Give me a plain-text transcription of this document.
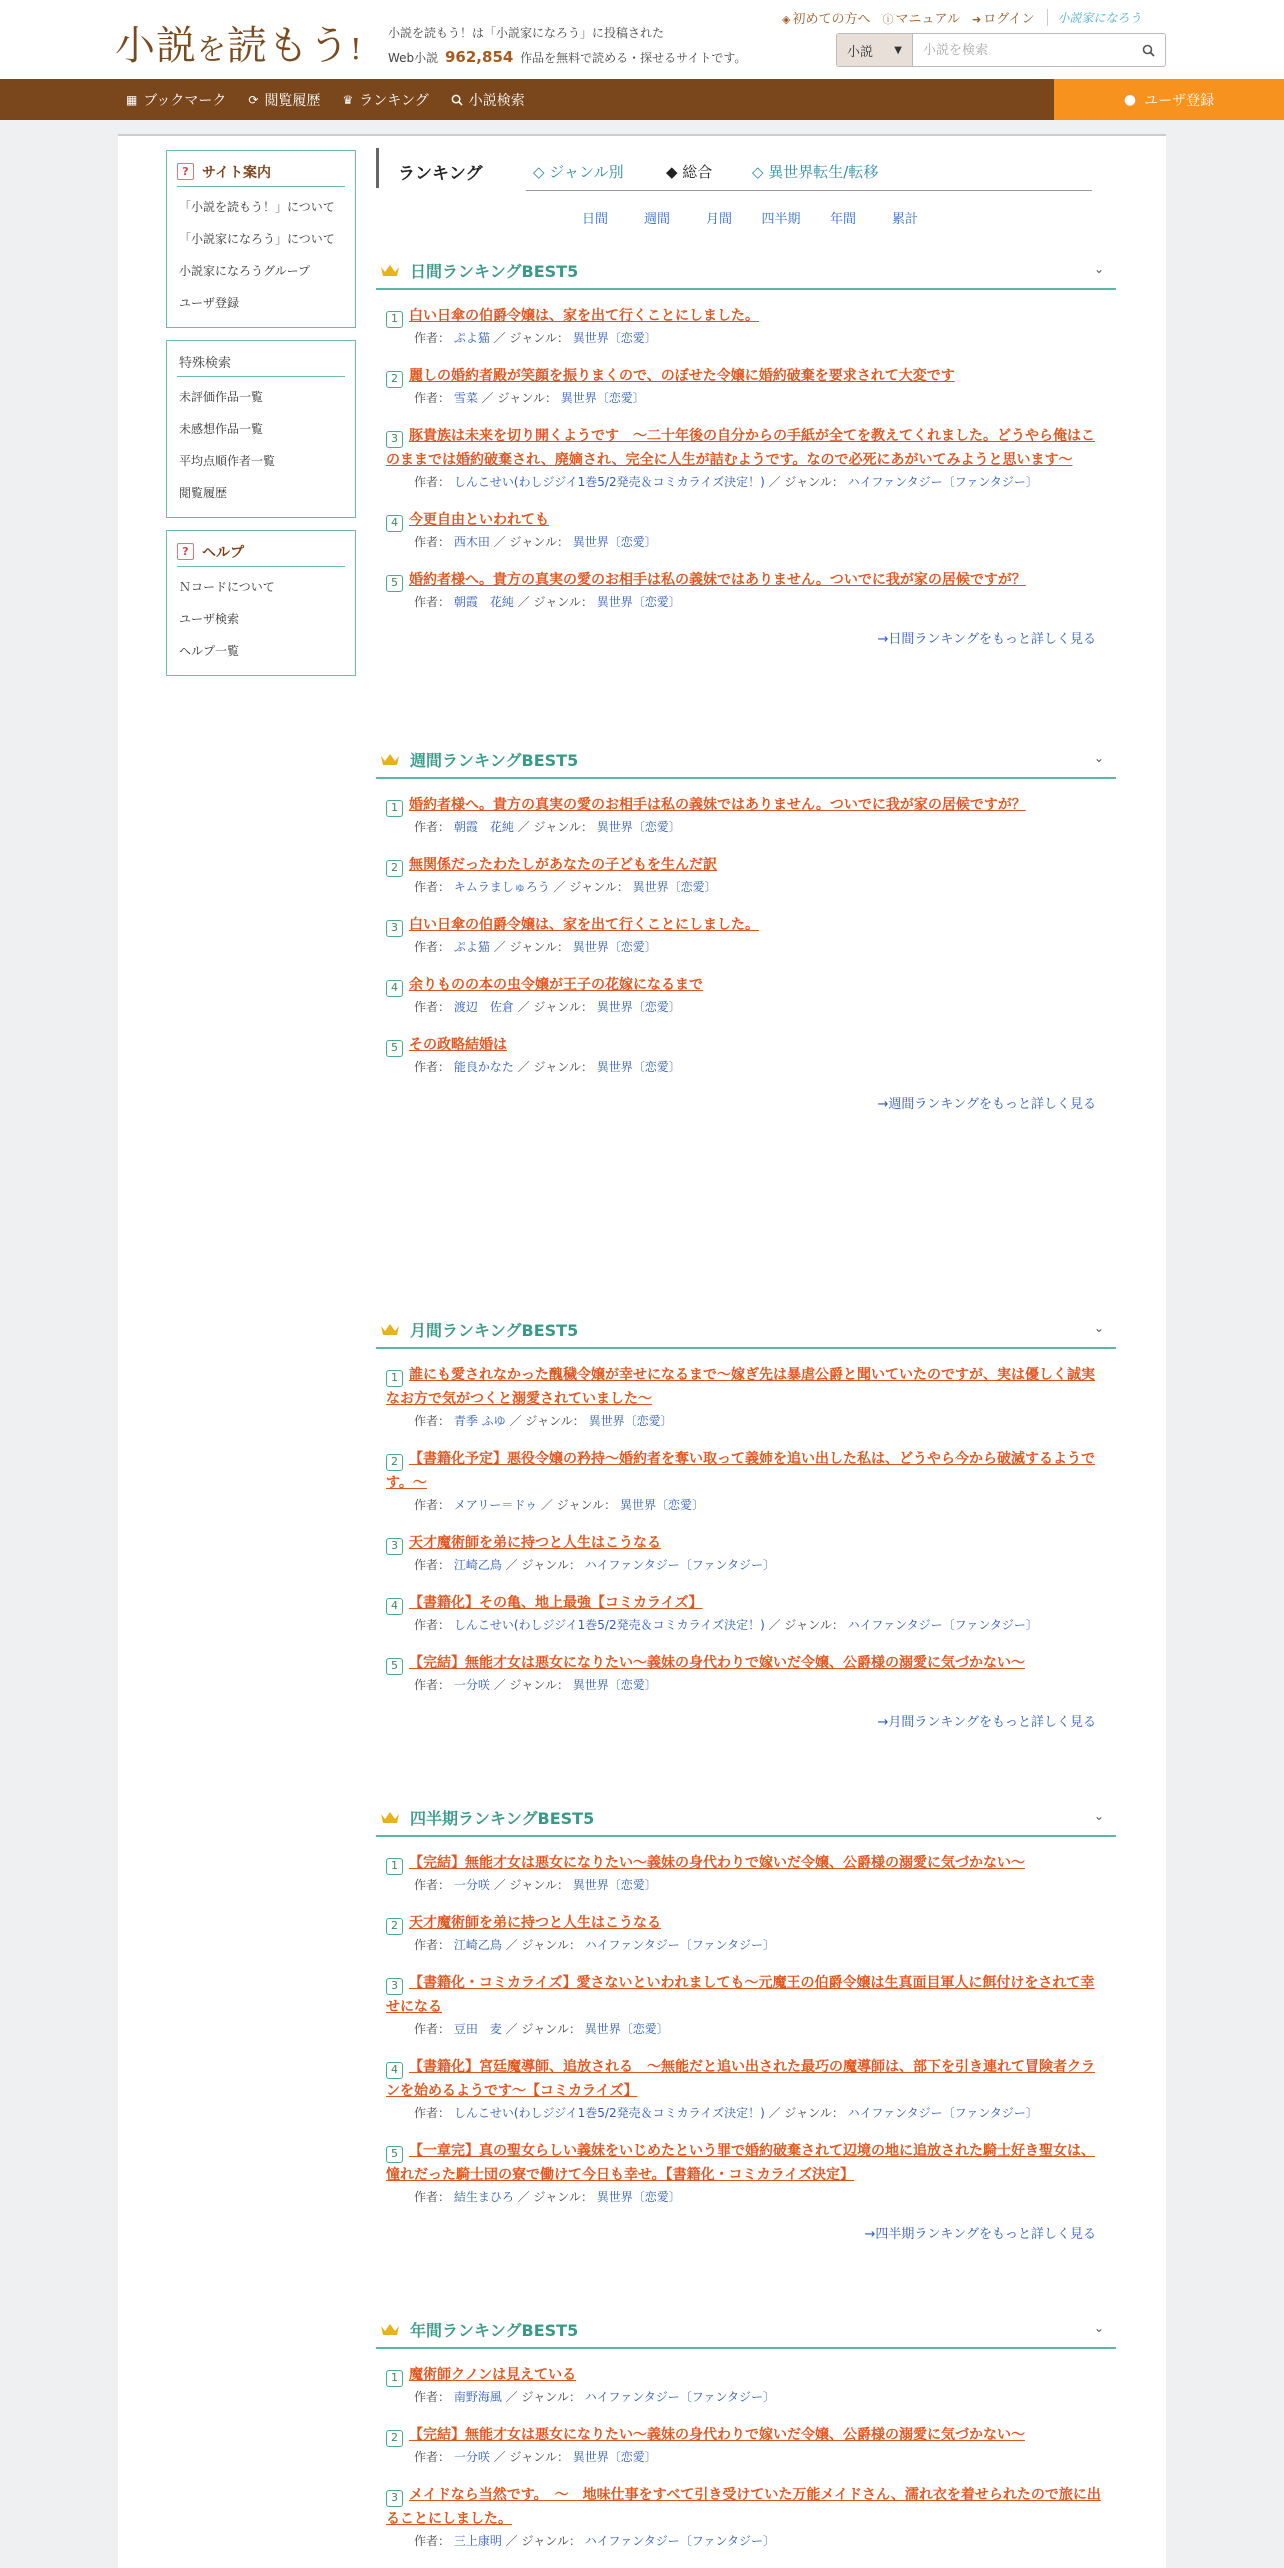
小説を読もう! 小説を読もう！は「小説家になろう」に投稿された
Web小説 962,854 作品を無料で読める・探せるサイトです。
◈ 初めての方へ ⓘ マニュアル ➜ ログイン	小説家になろう
小説 ▼
小説を検索
▦ ブックマーク ⟳ 閲覧履歴 ♛ ランキング	小説検索	● ユーザ登録
? サイト案内
「小説を読もう！」について
「小説家になろう」について
小説家になろうグループ
ユーザ登録
特殊検索
未評価作品一覧
未感想作品一覧
平均点順作者一覧
閲覧履歴
? ヘルプ
Ｎコードについて
ユーザ検索
ヘルプ一覧
ランキング	◇ ジャンル別	◆ 総合	◇ 異世界転生/転移
日間	週間	月間	四半期	年間	累計
日間ランキングBEST5	⌄
1 白い日傘の伯爵令嬢は、家を出て行くことにしました。
作者： ぷよ猫 ／ ジャンル： 異世界〔恋愛〕
2 麗しの婚約者殿が笑顔を振りまくので、のぼせた令嬢に婚約破棄を要求されて大変です
作者： 雪菜 ／ ジャンル： 異世界〔恋愛〕
3 豚貴族は未来を切り開くようです　～二十年後の自分からの手紙が全てを教えてくれました。どうやら俺はこのままでは婚約破棄され、廃嫡され、完全に人生が詰むようです。なので必死にあがいてみようと思います～
作者： しんこせい(わしジジイ1巻5/2発売＆コミカライズ決定！) ／ ジャンル： ハイファンタジー〔ファンタジー〕
4 今更自由といわれても
作者： 西木田 ／ ジャンル： 異世界〔恋愛〕
5 婚約者様へ。貴方の真実の愛のお相手は私の義妹ではありません。ついでに我が家の居候ですが？
作者： 朝霞　花純 ／ ジャンル： 異世界〔恋愛〕
→日間ランキングをもっと詳しく見る
週間ランキングBEST5	⌄
1 婚約者様へ。貴方の真実の愛のお相手は私の義妹ではありません。ついでに我が家の居候ですが？
作者： 朝霞　花純 ／ ジャンル： 異世界〔恋愛〕
2 無関係だったわたしがあなたの子どもを生んだ訳
作者： キムラましゅろう ／ ジャンル： 異世界〔恋愛〕
3 白い日傘の伯爵令嬢は、家を出て行くことにしました。
作者： ぷよ猫 ／ ジャンル： 異世界〔恋愛〕
4 余りものの本の虫令嬢が王子の花嫁になるまで
作者： 渡辺　佐倉 ／ ジャンル： 異世界〔恋愛〕
5 その政略結婚は
作者： 能良かなた ／ ジャンル： 異世界〔恋愛〕
→週間ランキングをもっと詳しく見る
月間ランキングBEST5	⌄
1 誰にも愛されなかった醜穢令嬢が幸せになるまで〜嫁ぎ先は暴虐公爵と聞いていたのですが、実は優しく誠実なお方で気がつくと溺愛されていました〜
作者： 青季 ふゆ ／ ジャンル： 異世界〔恋愛〕
2 【書籍化予定】悪役令嬢の矜持〜婚約者を奪い取って義姉を追い出した私は、どうやら今から破滅するようです。〜
作者： メアリー＝ドゥ ／ ジャンル： 異世界〔恋愛〕
3 天才魔術師を弟に持つと人生はこうなる
作者： 江崎乙鳥 ／ ジャンル： ハイファンタジー〔ファンタジー〕
4 【書籍化】その亀、地上最強【コミカライズ】
作者： しんこせい(わしジジイ1巻5/2発売＆コミカライズ決定！) ／ ジャンル： ハイファンタジー〔ファンタジー〕
5 【完結】無能才女は悪女になりたい～義妹の身代わりで嫁いだ令嬢、公爵様の溺愛に気づかない～
作者： 一分咲 ／ ジャンル： 異世界〔恋愛〕
→月間ランキングをもっと詳しく見る
四半期ランキングBEST5	⌄
1 【完結】無能才女は悪女になりたい～義妹の身代わりで嫁いだ令嬢、公爵様の溺愛に気づかない～
作者： 一分咲 ／ ジャンル： 異世界〔恋愛〕
2 天才魔術師を弟に持つと人生はこうなる
作者： 江崎乙鳥 ／ ジャンル： ハイファンタジー〔ファンタジー〕
3 【書籍化・コミカライズ】愛さないといわれましても～元魔王の伯爵令嬢は生真面目軍人に餌付けをされて幸せになる
作者： 豆田　麦 ／ ジャンル： 異世界〔恋愛〕
4 【書籍化】宮廷魔導師、追放される　～無能だと追い出された最巧の魔導師は、部下を引き連れて冒険者クランを始めるようです～【コミカライズ】
作者： しんこせい(わしジジイ1巻5/2発売＆コミカライズ決定！) ／ ジャンル： ハイファンタジー〔ファンタジー〕
5 【一章完】真の聖女らしい義妹をいじめたという罪で婚約破棄されて辺境の地に追放された騎士好き聖女は、憧れだった騎士団の寮で働けて今日も幸せ。【書籍化・コミカライズ決定】
作者： 結生まひろ ／ ジャンル： 異世界〔恋愛〕
→四半期ランキングをもっと詳しく見る
年間ランキングBEST5	⌄
1 魔術師クノンは見えている
作者： 南野海風 ／ ジャンル： ハイファンタジー〔ファンタジー〕
2 【完結】無能才女は悪女になりたい～義妹の身代わりで嫁いだ令嬢、公爵様の溺愛に気づかない～
作者： 一分咲 ／ ジャンル： 異世界〔恋愛〕
3 メイドなら当然です。　～　地味仕事をすべて引き受けていた万能メイドさん、濡れ衣を着せられたので旅に出ることにしました。
作者： 三上康明 ／ ジャンル： ハイファンタジー〔ファンタジー〕
